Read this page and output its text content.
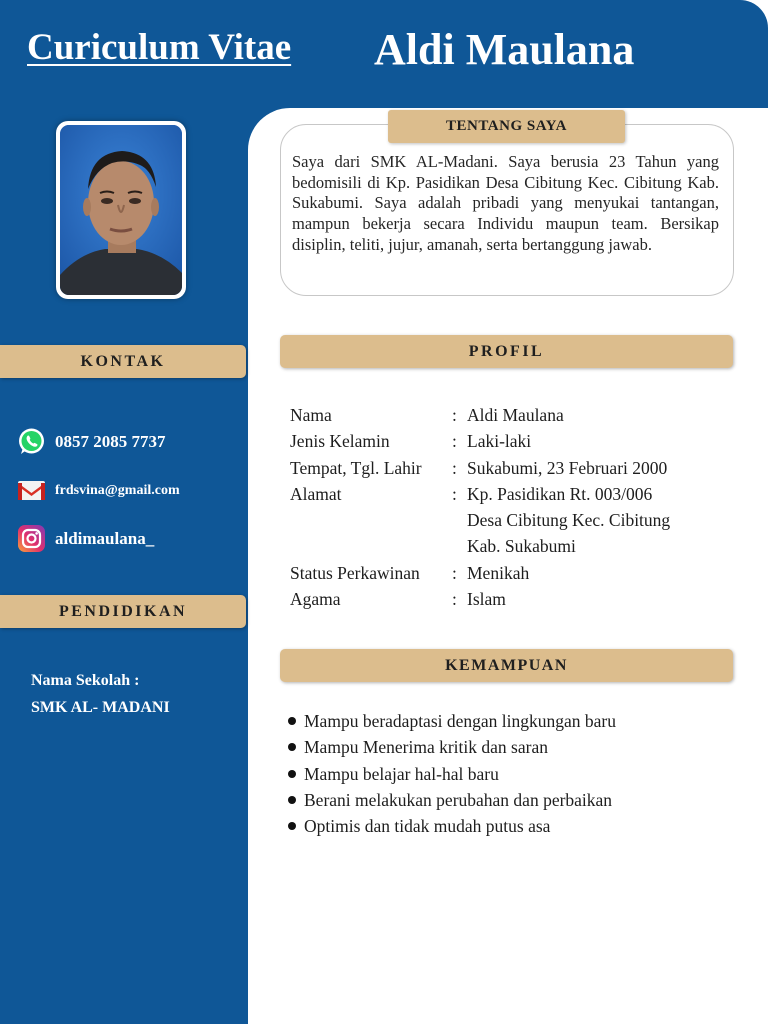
Curiculum Vitae Aldi Maulana
KONTAK
0857 2085 7737
frdsvina@gmail.com
aldimaulana_
PENDIDIKAN
Nama Sekolah :
SMK AL- MADANI
TENTANG SAYA
Saya dari SMK AL-Madani. Saya berusia 23 Tahun yang bedomisili di Kp. Pasidikan Desa Cibitung Kec. Cibitung Kab. Sukabumi. Saya adalah pribadi yang menyukai tantangan, mampun bekerja secara Individu maupun team. Bersikap disiplin, teliti, jujur, amanah, serta bertanggung jawab.
PROFIL
Nama	: Aldi Maulana
Jenis Kelamin	: Laki-laki
Tempat, Tgl. Lahir	: Sukabumi, 23 Februari 2000
Alamat	: Kp. Pasidikan Rt. 003/006
Desa Cibitung Kec. Cibitung
Kab. Sukabumi
Status Perkawinan	: Menikah
Agama	: Islam
KEMAMPUAN
Mampu beradaptasi dengan lingkungan baru
Mampu Menerima kritik dan saran
Mampu belajar hal-hal baru
Berani melakukan perubahan dan perbaikan
Optimis dan tidak mudah putus asa
